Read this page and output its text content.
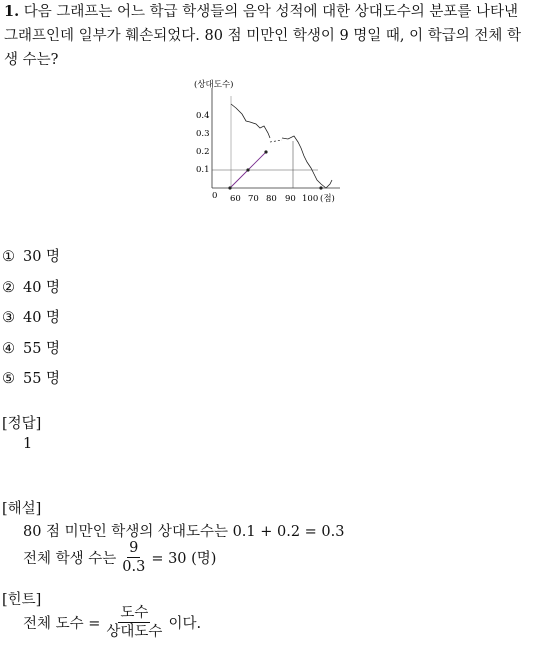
1. 다음 그래프는 어느 학급 학생들의 음악 성적에 대한 상대도수의 분포를 나타낸 그래프인데 일부가 훼손되었다. 80 점 미만인 학생이 9 명일 때, 이 학급의 전체 학생 수는?
(상대도수)
0.4
0.3
0.2
0.1
0 60 70 80 90 100 (점)
① 30 명
② 40 명
③ 40 명
④ 55 명
⑤ 55 명
[정답]
1
[해설]
80 점 미만인 학생의 상대도수는 0.1 + 0.2 = 0.3
전체 학생 수는 $\frac{9}{0.3} = 30$ (명)
[힌트]
전체 도수 = $\frac{\text{도수}}{\text{상대도수}}$ 이다.
